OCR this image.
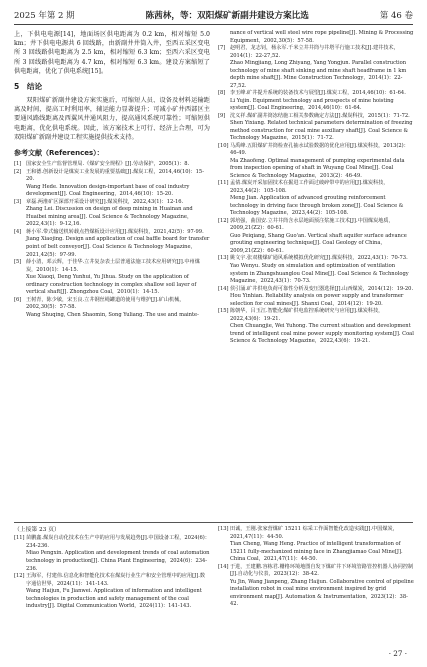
2025 年第 2 期	陈茜林，等：双阳煤矿新副井建设方案比选	第 46 卷

上，下供电电源[14]，地面场区供电距离为 0.2 km，相对缩短 5.0 km；井下供电电源共 6 回线路，由新副井井筒入井，至西五采区变电所 3 回线路供电距离为 2.5 km，相对缩短 6.3 km；至西六采区变电所 3 回线路供电距离为 4.7 km，相对缩短 6.3 km。建设方案缩短了供电距离，优化了供电系统[15]。

5　结论

双阳煤矿新副井建设方案实施后，可缩短人员、设备及材料运输距离及时间，提高工时利用率，辅运能力显著提升；可减小矿井西部区主要通风路线距离及西翼风井通风阻力，提高通风系统可靠性；可缩短供电距离，优化供电系统。因此，该方案技术上可行、经济上合理，可为双阳煤矿新副井建设工程实施提供技术支持。

参考文献（References）：
[1] 国家安全生产监督管理局.《煤矿安全规程》[J].劳动保护，2005(1)：8.
[2] 王和德.创新设计是煤炭工业发展的重要基础[J].煤炭工程，2014,46(10)：15-20.
Wang Hede. Innovation design-important base of coal industry development[J]. Coal Engineering，2014,46(10)：15-20.
[3] 章磊.两淮矿区深部开采设计研究[J].煤炭科技，2022,43(1)：12-16.
Zhang Lei. Discussion on design of deep mining in Huainan and Huaibei mining area[J]. Coal Science & Technology Magazine，2022,43(1)：9-12,16.
[4] 蒋小军.带式输送机转载点挡煤板设计应用[J].煤炭科技，2021,42(5)：97-99.
Jiang Xiaojing. Design and application of coal baffle board for transfer point of belt conveyor[J]. Coal Science & Technology Magazine，2021,42(5)：97-99.
[5] 薛小清，邓云辉，于佳华.立井复杂表土层普通法施工技术应用研究[J].中州煤炭，2010(1)：14-15.
Xue Xiaoqi, Deng Yunhui, Yu Jihua. Study on the application of ordinary construction technology in complex shallow soil layer of vertical shaft[J]. Zhongzhou Coal，2010(1)：14-15.
[6] 王树青，陈少敏，宋玉良.立井钢丝绳罐道的使用与维护[J].矿山机械，2002,30(5)：57-58.
Wang Shuqing, Chen Shaomin, Song Yuliang. The use and mainte-
nance of vertical well steel wire rope pipeline[J]. Mining & Processing Equipment，2002,30(5)：57-58.
[7] 赵明君，龙志钊，杨永军.千米立井井筒与井塔平行施工技术[J].建井技术，2014(1)：22-27,52.
Zhao Mingjiang, Long Zhiyang, Yang Yongjun. Parallel construction technology of mine shaft sinking and mine shaft headframe in 1 km depth mine shaft[J]. Mine Construction Technology，2014(1)：22-27,52.
[8] 李玉峰.矿井提升系统的装备技术与展望[J].煤炭工程，2014,46(10)：61-64.
Li Yujin. Equipment technology and prospects of mine hoisting system[J]. Coal Engineering，2014,46(10)：61-64.
[9] 沈义祥.煤矿副井筒冻结施工相关参数确定方法[J].煤炭科技，2015(1)：71-72.
Shen Yixiang. Related technical parameters determination of freezing method construction for coal mine auxiliary shaft[J]. Coal Science & Technology Magazine，2015(1)：71-72.
[10] 马禹峰.五阳煤矿井筒检查孔抽水试验数据的优化应用[J].煤炭科技，2013(2)：46-49.
Ma Zhaofeng. Optimal management of pumping experimental data from inspection opening of shaft in Wuyang Coal Mine[J]. Coal Science & Technology Magazine，2013(2)：46-49.
[11] 孟倩.煤炭开采加固技术在掘进工作面过破碎带中的应用[J].煤炭科技，2023,44(2)：105-108.
Meng Jian. Application of advanced grouting reinforcement technology in driving face through broken zone[J]. Coal Science & Technology Magazine，2023,44(2)：105-108.
[12] 郭培强，曲国安.立井井筒含水层地面预注浆施工技术[J].中国煤炭地质，2009,21(Z2)：60-61.
Guo Peiqiang, Shang Guo'an. Vertical shaft aquifer surface advance grouting engineering technique[J]. Coal Geology of China，2009,21(Z2)：60-61.
[13] 姚文宇.张双楼煤矿通风系统模拟优化研究[J].煤炭科技，2022,43(1)：70-73.
Yao Wenyu. Study on simulation and optimization of ventilation system in Zhangshuanglou Coal Mine[J]. Coal Science & Technology Magazine，2022,43(1)：70-73.
[14] 侯引涌.矿井供电负荷可靠性分析及变压器选择[J].山西煤炭，2014(12)：19-20.
Hou Yinhian. Reliability analysis on power supply and transformer selection for coal mines[J]. Shanxi Coal，2014(12)：19-20.
[15] 陈朝华，吕玉江.智能化煤矿供电监控系统研究与应用[J].煤炭科技，2022,43(6)：19-21.
Chen Chuangjie, Wei Yuhong. The current situation and development trend of intelligent coal mine power supply monitoring system[J]. Coal Science & Technology Magazine，2022,43(6)：19-21.
（上接第 23 页）
[11] 苗鹏鑫.煤炭自动化技术在生产中的应用与发展趋势[J].中国设备工程，2024(6)：234-236.
Miao Pengxin. Application and development trends of coal automation technology in production[J]. China Plant Engineering，2024(6)：234-236.
[12] 王海军，付建伟.信息化和智能化技术在煤炭行业生产和安全管理中的应用[J].数字通信世界，2024(11)：141-143.
Wang Haijun, Fu Jianwei. Application of information and intelligent technologies in production and safety management of the coal industry[J]. Digital Communication World，2024(11)：141-143.
[13] 田诚，王刚.张家营煤矿 15211 综采工作面智能化改造实践[J].中国煤炭，2021,47(11)：44-50.
Tian Cheng, Wang Heng. Practice of intelligent transformation of 15211 fully-mechanized mining face in Zhangjiamao Coal Mine[J]. China Coal，2021,47(11)：44-50.
[14] 于进，王建鹏.容栋君.栅格环境地图自发下煤矿井下环境管路管控机器人协同控制[J].自动化与仪表，2023(12)：38-42.
Yu Jin, Wang Jianpeng, Zhang Haijun. Collaborative control of pipeline installation robot in coal mine environment inspired by grid environment map[J]. Automation & Instrumentation，2023(12)：38-42.
· 27 ·
